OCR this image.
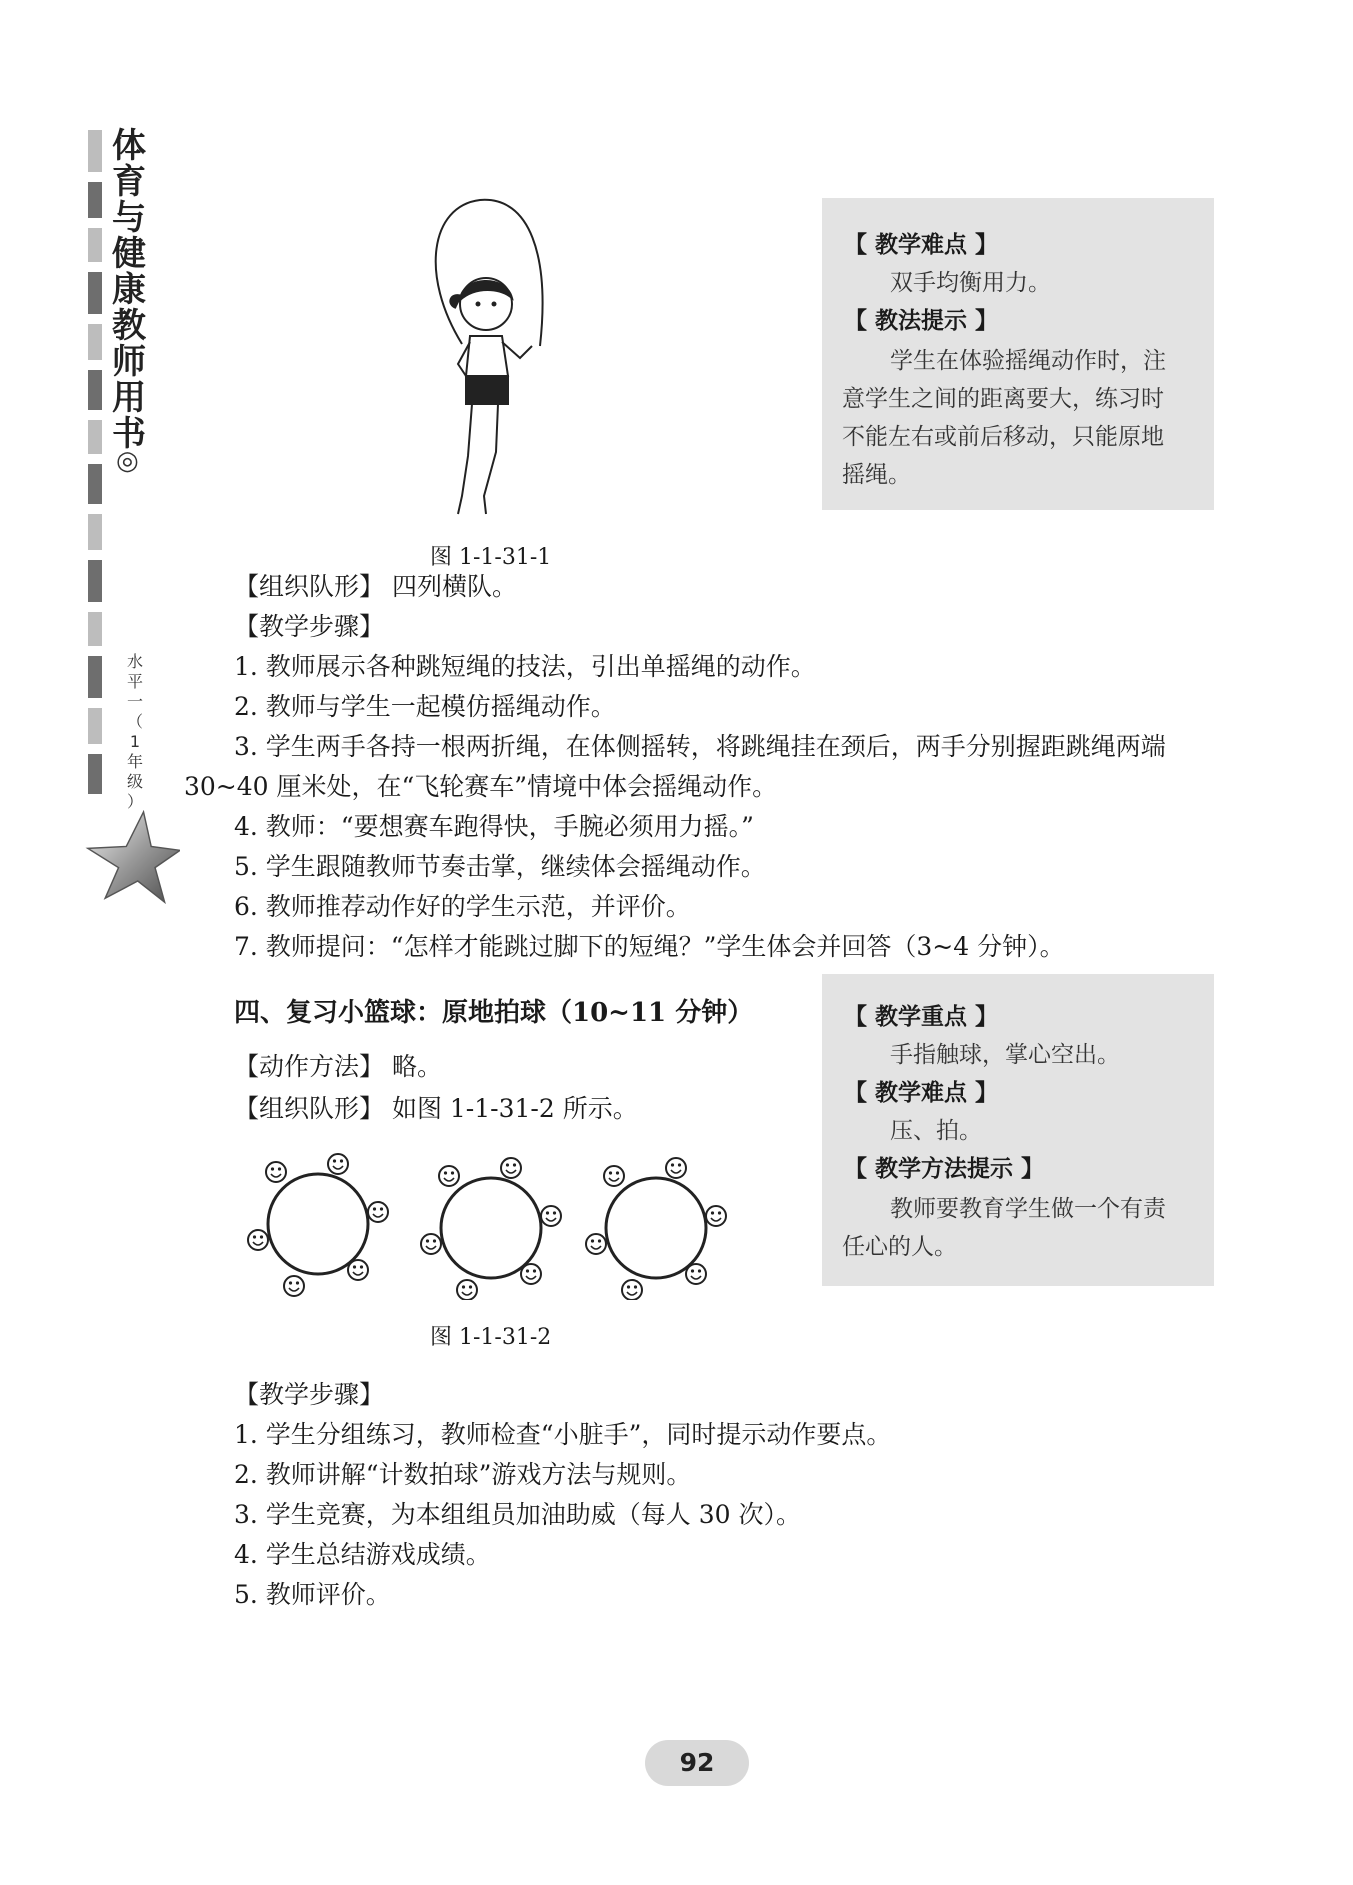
体
育
与
健
康
教
师
用
书
◎
水
平
一
（
1
年
级
）
图 1-1-31-1
【 教学难点 】
双手均衡用力。
【 教法提示 】
学生在体验摇绳动作时，注
意学生之间的距离要大，练习时
不能左右或前后移动，只能原地
摇绳。
【组织队形】 四列横队。
【教学步骤】
1. 教师展示各种跳短绳的技法，引出单摇绳的动作。
2. 教师与学生一起模仿摇绳动作。
3. 学生两手各持一根两折绳，在体侧摇转，将跳绳挂在颈后，两手分别握距跳绳两端
30~40 厘米处，在“飞轮赛车”情境中体会摇绳动作。
4. 教师：“要想赛车跑得快，手腕必须用力摇。”
5. 学生跟随教师节奏击掌，继续体会摇绳动作。
6. 教师推荐动作好的学生示范，并评价。
7. 教师提问：“怎样才能跳过脚下的短绳？”学生体会并回答（3~4 分钟）。
四、复习小篮球：原地拍球（10~11 分钟）
【动作方法】 略。
【组织队形】 如图 1-1-31-2 所示。
【 教学重点 】
手指触球，掌心空出。
【 教学难点 】
压、拍。
【 教学方法提示 】
教师要教育学生做一个有责
任心的人。
图 1-1-31-2
【教学步骤】
1. 学生分组练习，教师检查“小脏手”，同时提示动作要点。
2. 教师讲解“计数拍球”游戏方法与规则。
3. 学生竞赛，为本组组员加油助威（每人 30 次）。
4. 学生总结游戏成绩。
5. 教师评价。
92
